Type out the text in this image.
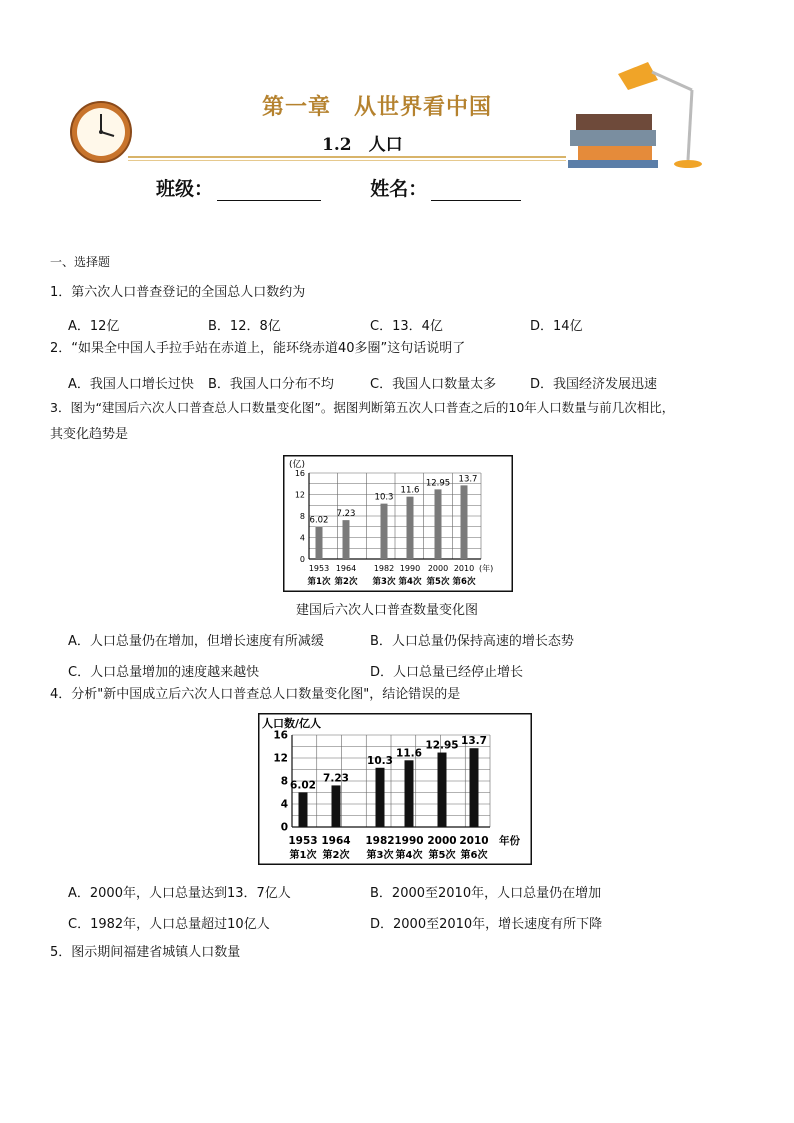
第一章　从世界看中国
1.2　人口
班级：	姓名：
一、选择题
1．第六次人口普查登记的全国总人口数约为
A．12亿	B．12．8亿	C．13．4亿	D．14亿
2．“如果全中国人手拉手站在赤道上，能环绕赤道40多圈”这句话说明了
A．我国人口增长过快 B．我国人口分布不均	C．我国人口数量太多	D．我国经济发展迅速
3．图为“建国后六次人口普查总人口数量变化图”。据图判断第五次人口普查之后的10年人口数量与前几次相比，
其变化趋势是
0
4
8
12
16
(亿)
6.02
1953
第1次
7.23
1964
第2次
10.3
1982
第3次
11.6
1990
第4次
12.95
2000
第5次
13.7
2010
第6次
(年)
建国后六次人口普查数量变化图
A．人口总量仍在增加，但增长速度有所减缓	B．人口总量仍保持高速的增长态势
C．人口总量增加的速度越来越快	D．人口总量已经停止增长
4．分析"新中国成立后六次人口普查总人口数量变化图"，结论错误的是
0
4
8
12
16
人口数/亿人
6.02
1953
第1次
7.23
1964
第2次
10.3
1982
第3次
11.6
1990
第4次
12.95
2000
第5次
13.7
2010
第6次
年份
A．2000年，人口总量达到13．7亿人	B．2000至2010年，人口总量仍在增加
C．1982年，人口总量超过10亿人	D．2000至2010年，增长速度有所下降
5．图示期间福建省城镇人口数量
